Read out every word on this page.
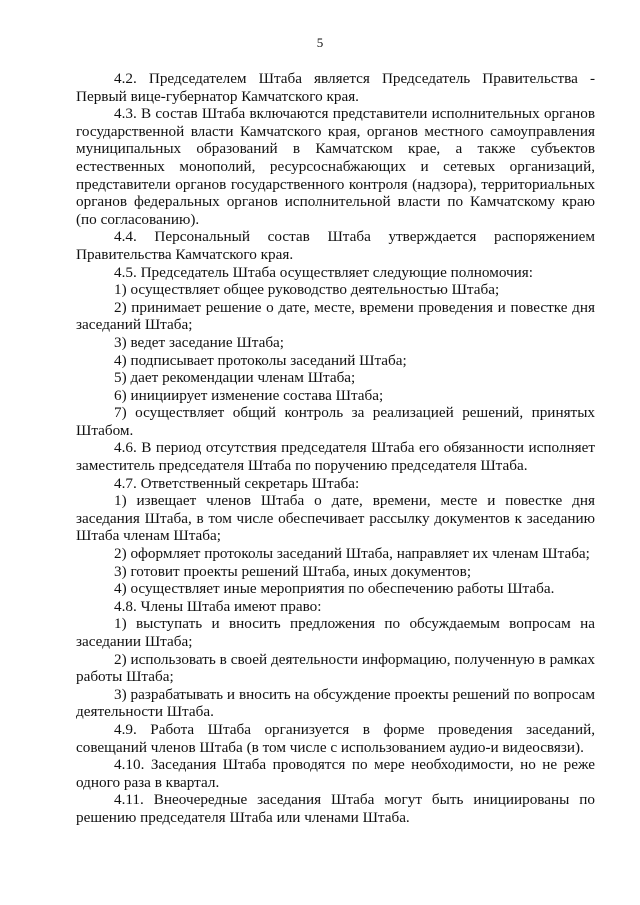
5

4.2. Председателем Штаба является Председатель Правительства - Первый вице-губернатор Камчатского края.

4.3. В состав Штаба включаются представители исполнительных органов государственной власти Камчатского края, органов местного самоуправления муниципальных образований в Камчатском крае, а также субъектов естественных монополий, ресурсоснабжающих и сетевых организаций, представители органов государственного контроля (надзора), территориальных органов федеральных органов исполнительной власти по Камчатскому краю (по согласованию).

4.4. Персональный состав Штаба утверждается распоряжением Правительства Камчатского края.

4.5. Председатель Штаба осуществляет следующие полномочия:

1) осуществляет общее руководство деятельностью Штаба;

2) принимает решение о дате, месте, времени проведения и повестке дня заседаний Штаба;

3) ведет заседание Штаба;

4) подписывает протоколы заседаний Штаба;

5) дает рекомендации членам Штаба;

6) инициирует изменение состава Штаба;

7) осуществляет общий контроль за реализацией решений, принятых Штабом.

4.6. В период отсутствия председателя Штаба его обязанности исполняет заместитель председателя Штаба по поручению председателя Штаба.

4.7. Ответственный секретарь Штаба:

1) извещает членов Штаба о дате, времени, месте и повестке дня заседания Штаба, в том числе обеспечивает рассылку документов к заседанию Штаба членам Штаба;

2) оформляет протоколы заседаний Штаба, направляет их членам Штаба;

3) готовит проекты решений Штаба, иных документов;

4) осуществляет иные мероприятия по обеспечению работы Штаба.

4.8. Члены Штаба имеют право:

1) выступать и вносить предложения по обсуждаемым вопросам на заседании Штаба;

2) использовать в своей деятельности информацию, полученную в рамках работы Штаба;

3) разрабатывать и вносить на обсуждение проекты решений по вопросам деятельности Штаба.

4.9. Работа Штаба организуется в форме проведения заседаний, совещаний членов Штаба (в том числе с использованием аудио-и видеосвязи).

4.10. Заседания Штаба проводятся по мере необходимости, но не реже одного раза в квартал.

4.11. Внеочередные заседания Штаба могут быть инициированы по решению председателя Штаба или членами Штаба.
